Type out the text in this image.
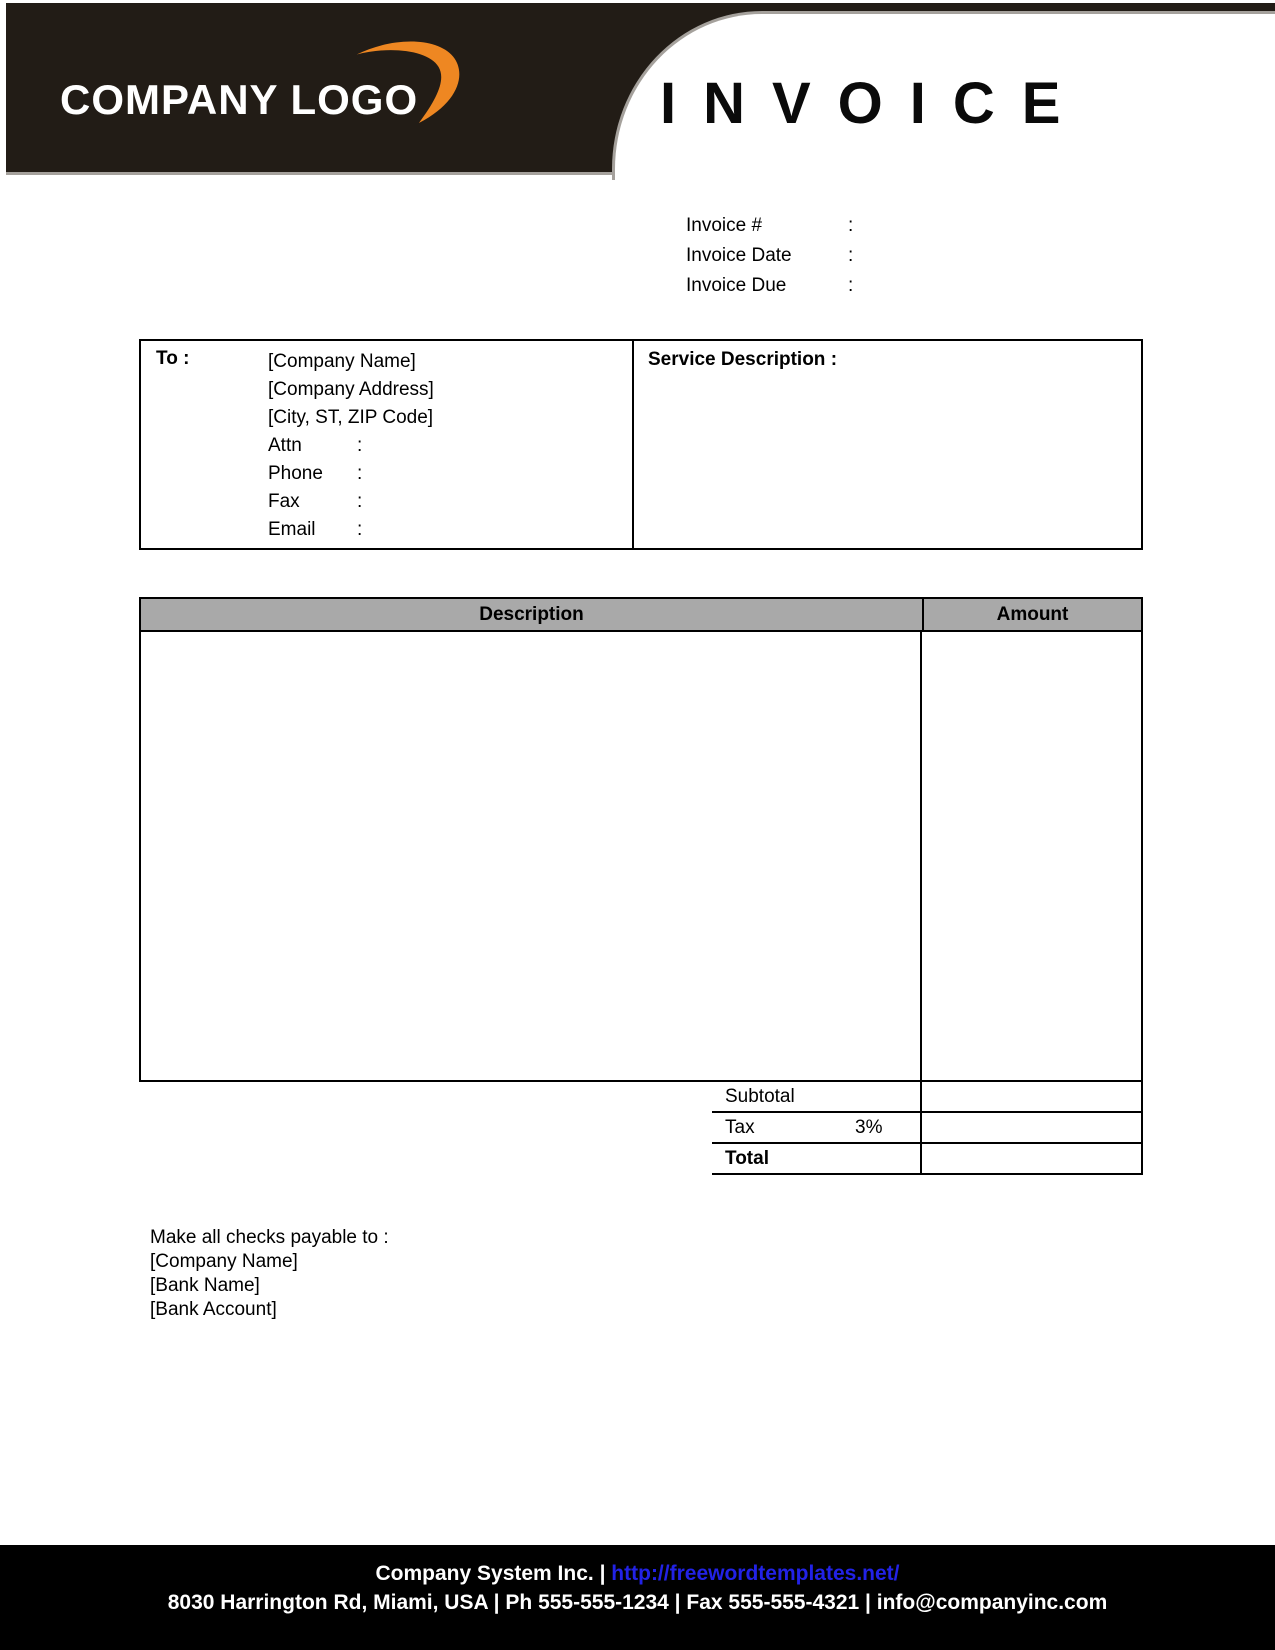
COMPANY LOGO	INVOICE
Invoice #	:
Invoice Date	:
Invoice Due	:
To :	[Company Name]
[Company Address]
[City, ST, ZIP Code]
Attn	:
Phone	:
Fax	:
Email	:
Service Description :
Description	Amount
Subtotal
Tax	3%
Total
Make all checks payable to :
[Company Name]
[Bank Name]
[Bank Account]
Company System Inc. | http://freewordtemplates.net/
8030 Harrington Rd, Miami, USA | Ph 555-555-1234 | Fax 555-555-4321 | info@companyinc.com
